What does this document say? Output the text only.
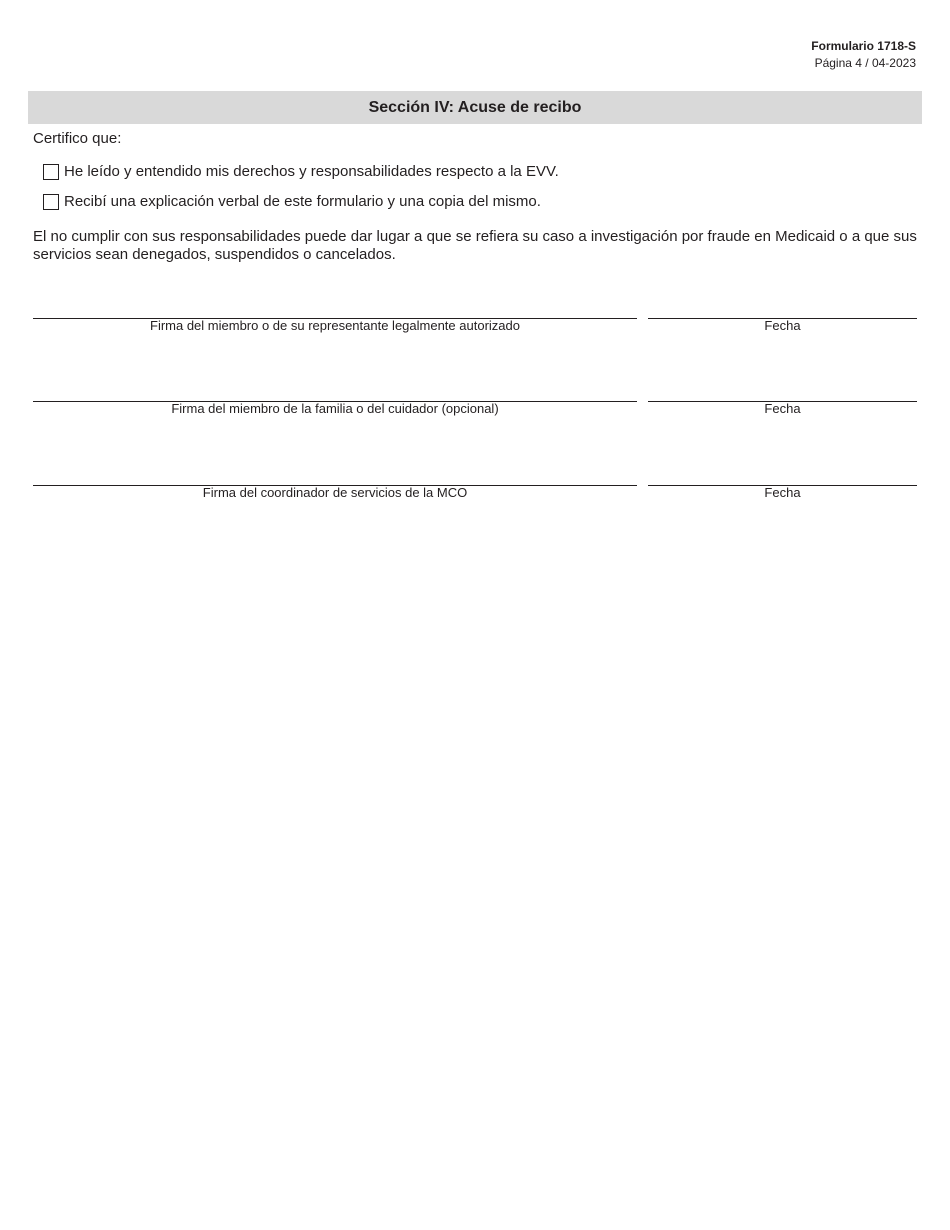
Formulario 1718-S
Página 4 / 04-2023
Sección IV: Acuse de recibo
Certifico que:
He leído y entendido mis derechos y responsabilidades respecto a la EVV.
Recibí una explicación verbal de este formulario y una copia del mismo.
El no cumplir con sus responsabilidades puede dar lugar a que se refiera su caso a investigación por fraude en Medicaid o a que sus servicios sean denegados, suspendidos o cancelados.
Firma del miembro o de su representante legalmente autorizado	Fecha
Firma del miembro de la familia o del cuidador (opcional)	Fecha
Firma del coordinador de servicios de la MCO	Fecha
